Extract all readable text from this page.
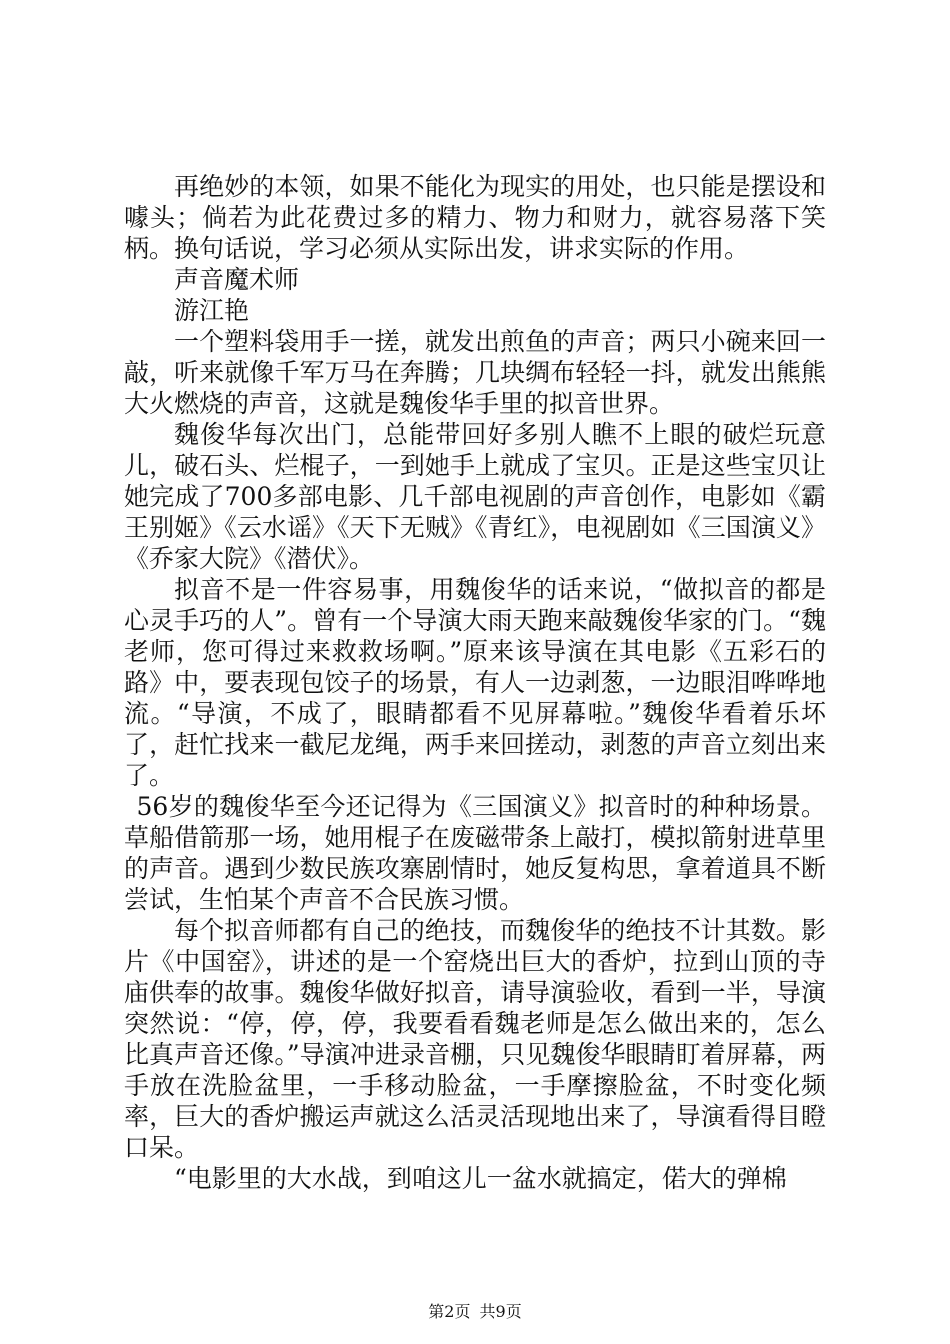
再绝妙的本领，如果不能化为现实的用处，也只能是摆设和噱头；倘若为此花费过多的精力、物力和财力，就容易落下笑柄。换句话说，学习必须从实际出发，讲求实际的作用。

声音魔术师

游江艳

一个塑料袋用手一搓，就发出煎鱼的声音；两只小碗来回一敲，听来就像千军万马在奔腾；几块绸布轻轻一抖，就发出熊熊大火燃烧的声音，这就是魏俊华手里的拟音世界。

魏俊华每次出门，总能带回好多别人瞧不上眼的破烂玩意儿，破石头、烂棍子，一到她手上就成了宝贝。正是这些宝贝让她完成了700多部电影、几千部电视剧的声音创作，电影如《霸王别姬》《云水谣》《天下无贼》《青红》，电视剧如《三国演义》《乔家大院》《潜伏》。

拟音不是一件容易事，用魏俊华的话来说，“做拟音的都是心灵手巧的人”。曾有一个导演大雨天跑来敲魏俊华家的门。“魏老师，您可得过来救救场啊。”原来该导演在其电影《五彩石的路》中，要表现包饺子的场景，有人一边剥葱，一边眼泪哗哗地流。“导演，不成了，眼睛都看不见屏幕啦。”魏俊华看着乐坏了，赶忙找来一截尼龙绳，两手来回搓动，剥葱的声音立刻出来了。

56岁的魏俊华至今还记得为《三国演义》拟音时的种种场景。草船借箭那一场，她用棍子在废磁带条上敲打，模拟箭射进草里的声音。遇到少数民族攻寨剧情时，她反复构思，拿着道具不断尝试，生怕某个声音不合民族习惯。

每个拟音师都有自己的绝技，而魏俊华的绝技不计其数。影片《中国窑》，讲述的是一个窑烧出巨大的香炉，拉到山顶的寺庙供奉的故事。魏俊华做好拟音，请导演验收，看到一半，导演突然说：“停，停，停，我要看看魏老师是怎么做出来的，怎么比真声音还像。”导演冲进录音棚，只见魏俊华眼睛盯着屏幕，两手放在洗脸盆里，一手移动脸盆，一手摩擦脸盆，不时变化频率，巨大的香炉搬运声就这么活灵活现地出来了，导演看得目瞪口呆。

“电影里的大水战，到咱这儿一盆水就搞定，偌大的弹棉

第2页 共9页
